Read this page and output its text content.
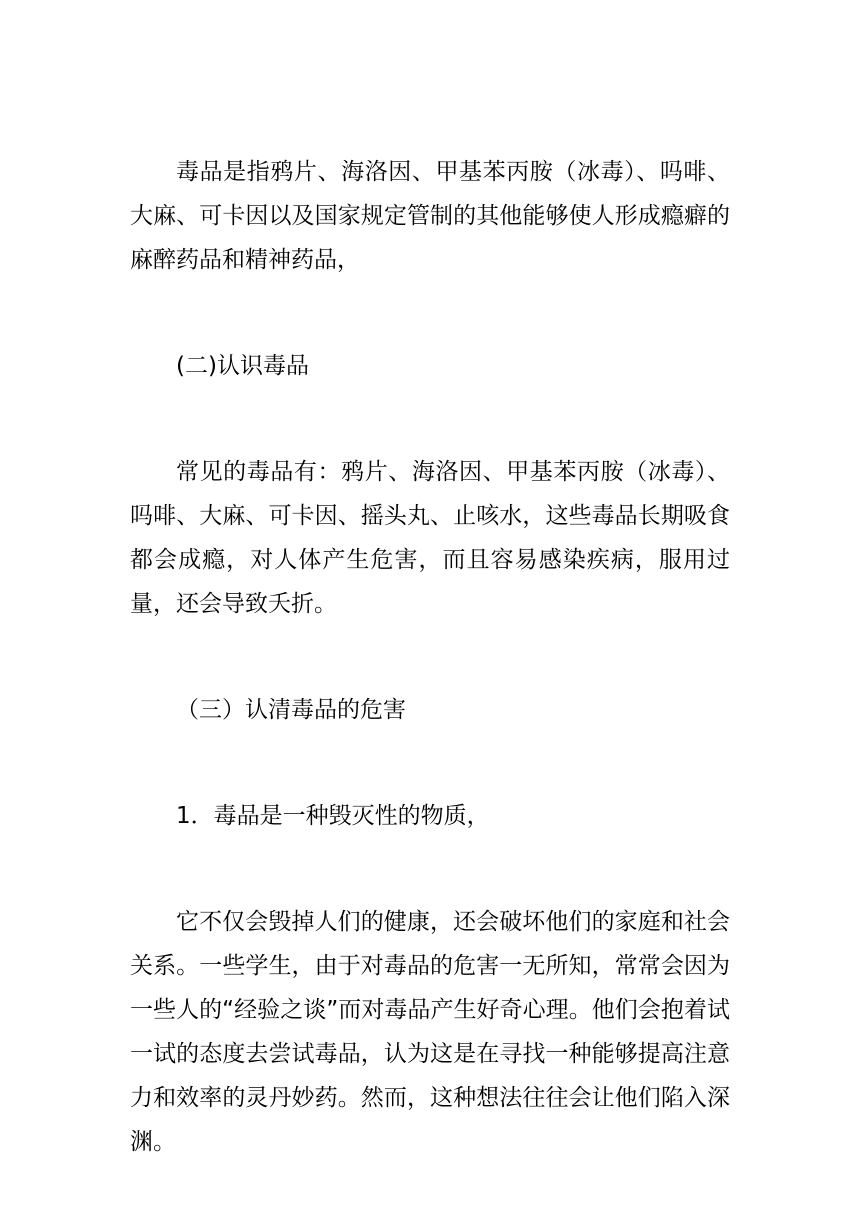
毒品是指鸦片、海洛因、甲基苯丙胺（冰毒）、吗啡、大麻、可卡因以及国家规定管制的其他能够使人形成瘾癖的麻醉药品和精神药品，

(二)认识毒品

常见的毒品有：鸦片、海洛因、甲基苯丙胺（冰毒）、吗啡、大麻、可卡因、摇头丸、止咳水，这些毒品长期吸食都会成瘾，对人体产生危害，而且容易感染疾病，服用过量，还会导致夭折。

（三）认清毒品的危害

1．毒品是一种毁灭性的物质，

它不仅会毁掉人们的健康，还会破坏他们的家庭和社会关系。一些学生，由于对毒品的危害一无所知，常常会因为一些人的“经验之谈”而对毒品产生好奇心理。他们会抱着试一试的态度去尝试毒品，认为这是在寻找一种能够提高注意力和效率的灵丹妙药。然而，这种想法往往会让他们陷入深渊。
